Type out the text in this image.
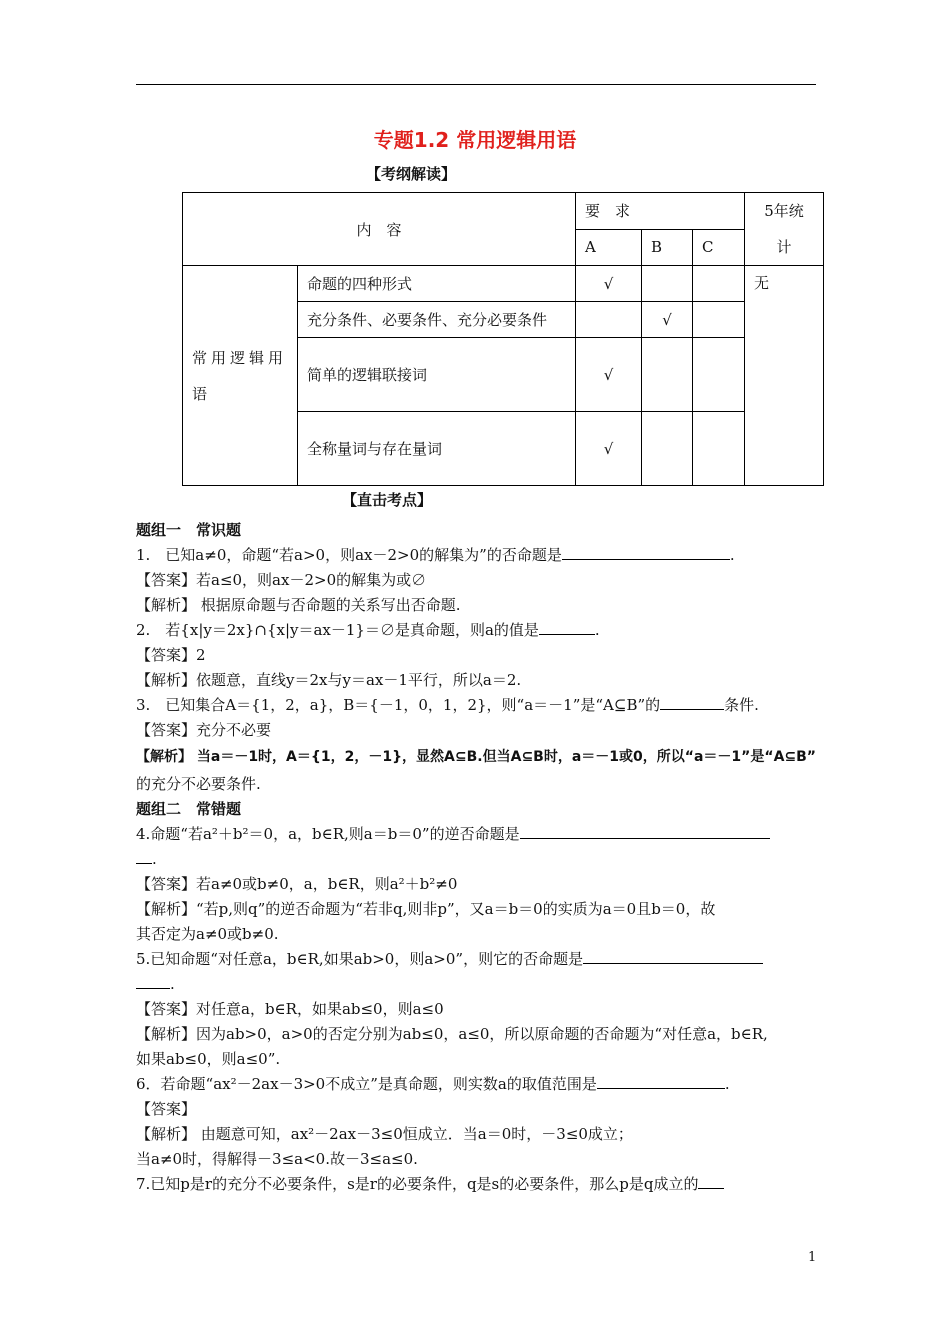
专题1.2 常用逻辑用语
【考纲解读】
内　容		要　求			5年统
计
		A	B	C	
常用逻辑用
语	命题的四种形式	√			无
	充分条件、必要条件、充分必要条件		√		
	简单的逻辑联接词	√			
	全称量词与存在量词	√			
【直击考点】
题组一　常识题
1.　已知a≠0，命题“若a>0，则ax－2>0的解集为”的否命题是	.
【答案】若a≤0，则ax－2>0的解集为或∅
【解析】 根据原命题与否命题的关系写出否命题.
2.　若{x|y＝2x}∩{x|y＝ax－1}＝∅是真命题，则a的值是	.
【答案】2
【解析】依题意，直线y＝2x与y＝ax－1平行，所以a＝2.
3.　已知集合A＝{1，2，a}，B＝{－1，0，1，2}，则“a＝－1”是“A⊆B”的	条件.
【答案】充分不必要
【解析】 当a＝－1时，A＝{1，2，－1}，显然A⊆B.但当A⊆B时，a＝－1或0，所以“a＝－1”是“A⊆B”
的充分不必要条件.
题组二　常错题
4.命题“若a²＋b²＝0，a，b∈R,则a＝b＝0”的逆否命题是
.
【答案】若a≠0或b≠0，a，b∈R，则a²＋b²≠0
【解析】“若p,则q”的逆否命题为“若非q,则非p”，又a＝b＝0的实质为a＝0且b＝0，故
其否定为a≠0或b≠0.
5.已知命题“对任意a，b∈R,如果ab>0，则a>0”，则它的否命题是
.
【答案】对任意a，b∈R，如果ab≤0，则a≤0
【解析】因为ab>0，a>0的否定分别为ab≤0，a≤0，所以原命题的否命题为“对任意a，b∈R,
如果ab≤0，则a≤0”.
6．若命题“ax²－2ax－3>0不成立”是真命题，则实数a的取值范围是	.
【答案】
【解析】 由题意可知，ax²－2ax－3≤0恒成立．当a＝0时，－3≤0成立；
当a≠0时，得解得－3≤a<0.故－3≤a≤0.
7.已知p是r的充分不必要条件，s是r的必要条件，q是s的必要条件，那么p是q成立的
1
